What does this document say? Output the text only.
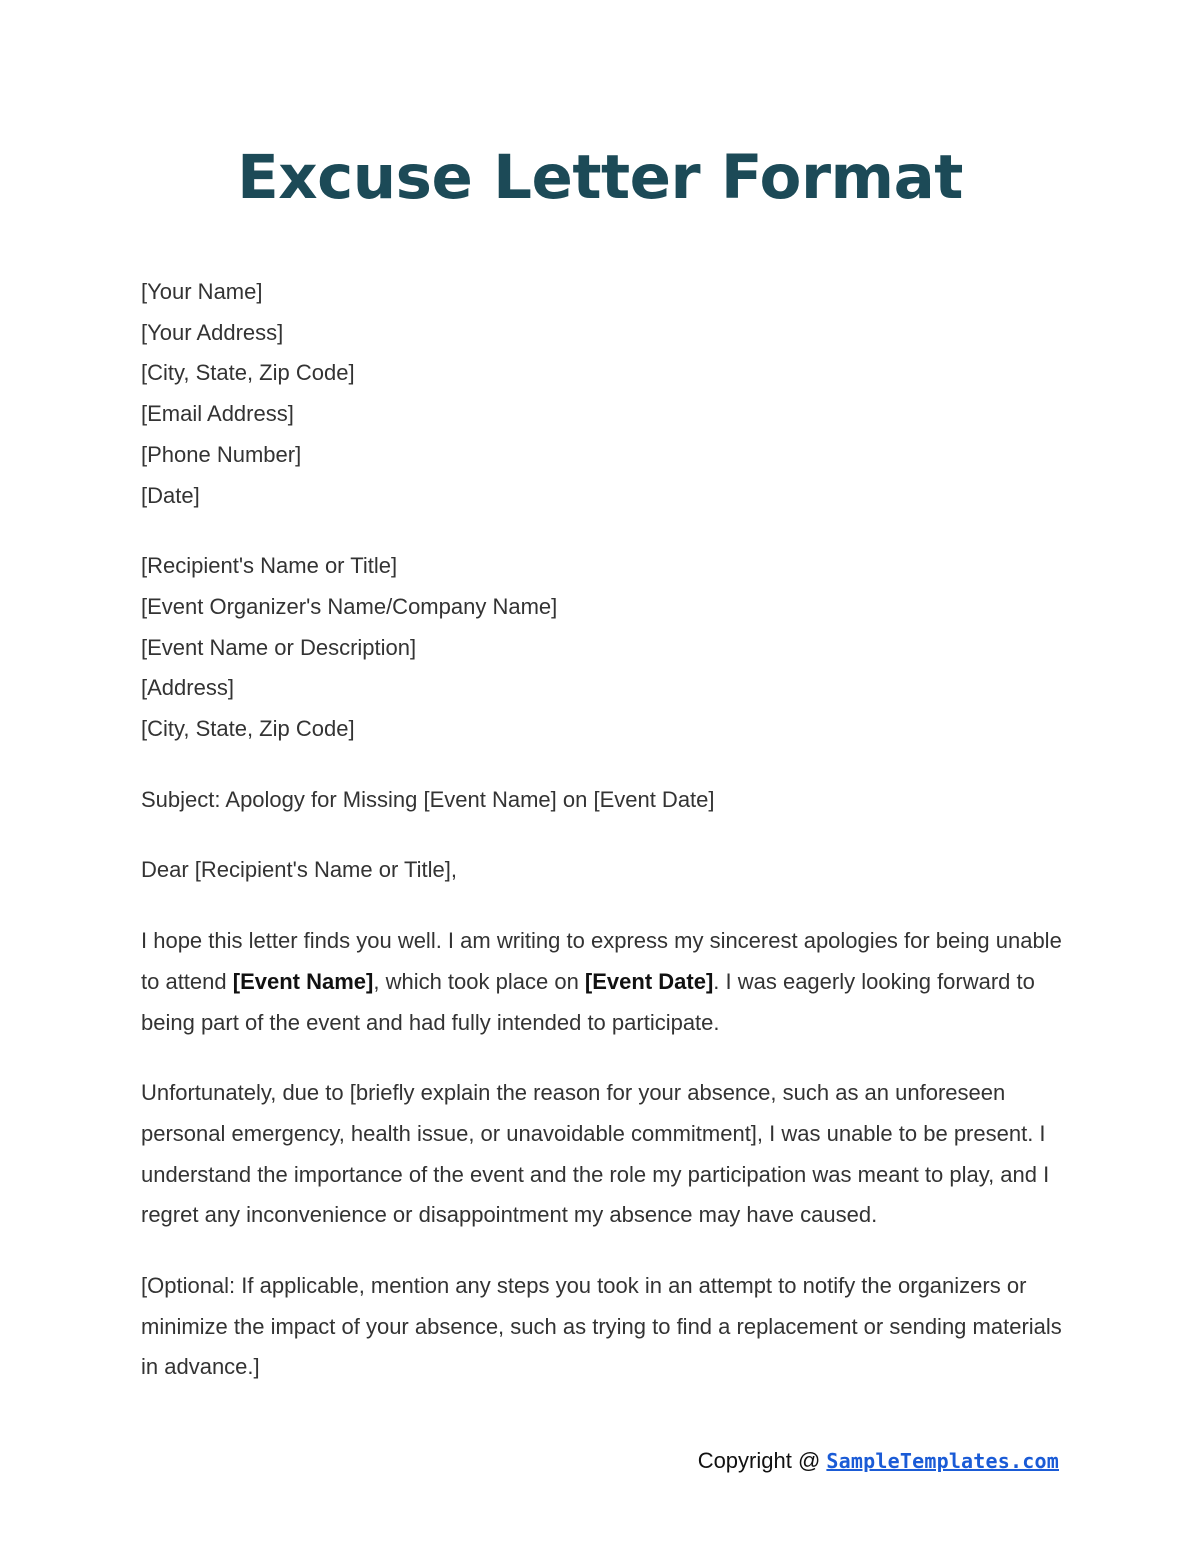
Excuse Letter Format
[Your Name]
[Your Address]
[City, State, Zip Code]
[Email Address]
[Phone Number]
[Date]
[Recipient's Name or Title]
[Event Organizer's Name/Company Name]
[Event Name or Description]
[Address]
[City, State, Zip Code]

Subject: Apology for Missing [Event Name] on [Event Date]

Dear [Recipient's Name or Title],

I hope this letter finds you well. I am writing to express my sincerest apologies for being unable to attend [Event Name], which took place on [Event Date]. I was eagerly looking forward to being part of the event and had fully intended to participate.

Unfortunately, due to [briefly explain the reason for your absence, such as an unforeseen personal emergency, health issue, or unavoidable commitment], I was unable to be present. I understand the importance of the event and the role my participation was meant to play, and I regret any inconvenience or disappointment my absence may have caused.

[Optional: If applicable, mention any steps you took in an attempt to notify the organizers or minimize the impact of your absence, such as trying to find a replacement or sending materials in advance.]

Copyright @ SampleTemplates.com
